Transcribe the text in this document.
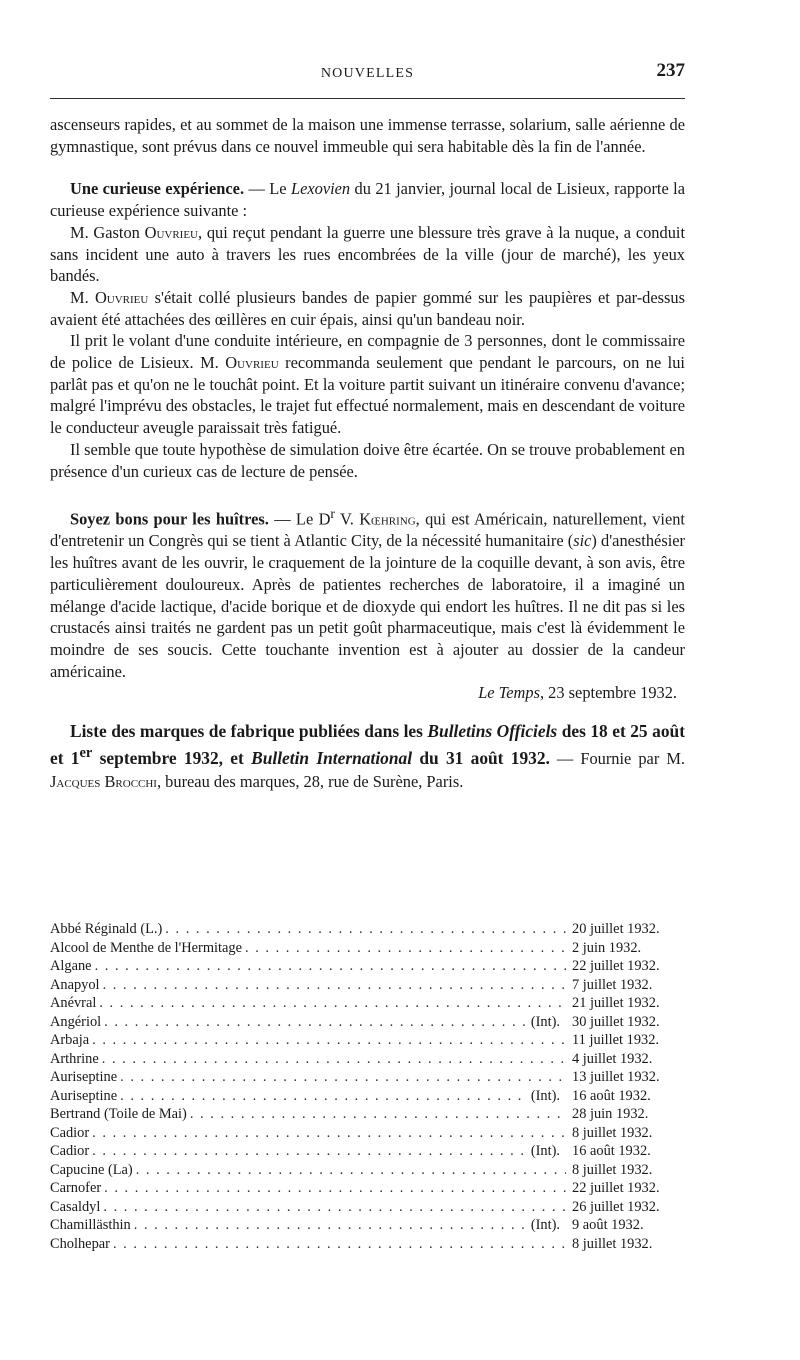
NOUVELLES	237

ascenseurs rapides, et au sommet de la maison une immense terrasse, solarium, salle aérienne de gymnastique, sont prévus dans ce nouvel immeuble qui sera habitable dès la fin de l'année.

Une curieuse expérience. — Le Lexovien du 21 janvier, journal local de Lisieux, rapporte la curieuse expérience suivante :

M. Gaston Ouvrieu, qui reçut pendant la guerre une blessure très grave à la nuque, a conduit sans incident une auto à travers les rues encombrées de la ville (jour de marché), les yeux bandés.

M. Ouvrieu s'était collé plusieurs bandes de papier gommé sur les paupières et par-dessus avaient été attachées des œillères en cuir épais, ainsi qu'un bandeau noir.

Il prit le volant d'une conduite intérieure, en compagnie de 3 personnes, dont le commissaire de police de Lisieux. M. Ouvrieu recommanda seulement que pendant le parcours, on ne lui parlât pas et qu'on ne le touchât point. Et la voiture partit suivant un itinéraire convenu d'avance; malgré l'imprévu des obstacles, le trajet fut effectué normalement, mais en descendant de voiture le conducteur aveugle paraissait très fatigué.

Il semble que toute hypothèse de simulation doive être écartée. On se trouve probablement en présence d'un curieux cas de lecture de pensée.

Soyez bons pour les huîtres. — Le $D^r$ V. Kœhring, qui est Américain, naturellement, vient d'entretenir un Congrès qui se tient à Atlantic City, de la nécessité humanitaire (sic) d'anesthésier les huîtres avant de les ouvrir, le craquement de la jointure de la coquille devant, à son avis, être particulièrement douloureux. Après de patientes recherches de laboratoire, il a imaginé un mélange d'acide lactique, d'acide borique et de dioxyde qui endort les huîtres. Il ne dit pas si les crustacés ainsi traités ne gardent pas un petit goût pharmaceutique, mais c'est là évidemment le moindre de ses soucis. Cette touchante invention est à ajouter au dossier de la candeur américaine.

Le Temps, 23 septembre 1932.

Liste des marques de fabrique publiées dans les Bulletins Officiels des 18 et 25 août et 1er septembre 1932, et Bulletin International du 31 août 1932. — Fournie par M. Jacques Brocchi, bureau des marques, 28, rue de Surène, Paris.

Abbé Réginald (L.) . . .	20 juillet 1932.
Alcool de Menthe de l'Hermitage . . .	2 juin 1932.
Algane . . .	22 juillet 1932.
Anapyol . . .	7 juillet 1932.
Anévral . . .	21 juillet 1932.
Angériol . . .	(Int). 30 juillet 1932.
Arbaja . . .	11 juillet 1932.
Arthrine . . .	4 juillet 1932.
Auriseptine . . .	13 juillet 1932.
Auriseptine . . .	(Int). 16 août 1932.
Bertrand (Toile de Mai) . . .	28 juin 1932.
Cadior . . .	8 juillet 1932.
Cadior . . .	(Int). 16 août 1932.
Capucine (La) . . .	8 juillet 1932.
Carnofer . . .	22 juillet 1932.
Casaldyl . . .	26 juillet 1932.
Chamillästhin . . .	(Int). 9 août 1932.
Cholhepar . . .	8 juillet 1932.
